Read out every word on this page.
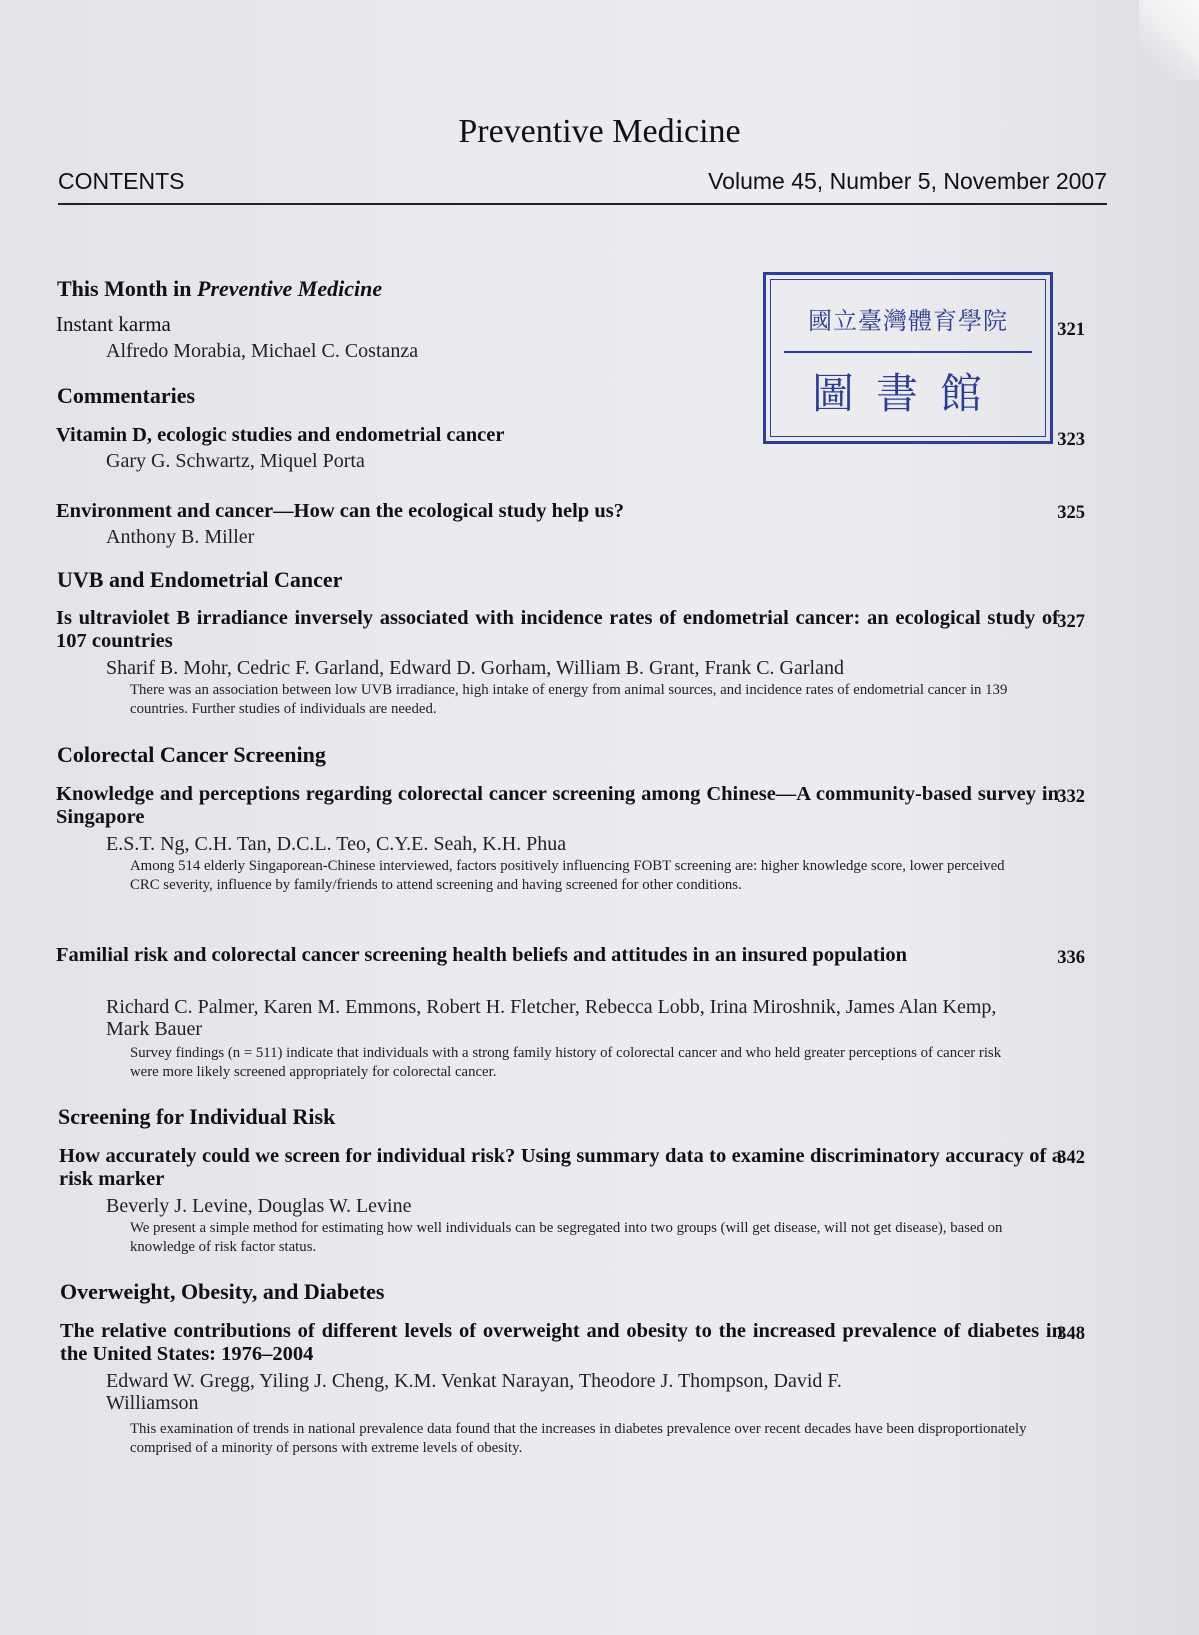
Preventive Medicine
CONTENTS	Volume 45, Number 5, November 2007
國立臺灣體育學院
圖書館
This Month in Preventive Medicine
Instant karma
Alfredo Morabia, Michael C. Costanza
321
Commentaries
Vitamin D, ecologic studies and endometrial cancer
Gary G. Schwartz, Miquel Porta
323
Environment and cancer—How can the ecological study help us?
Anthony B. Miller
325
UVB and Endometrial Cancer
Is ultraviolet B irradiance inversely associated with incidence rates of endometrial cancer: an ecological study of 107 countries
Sharif B. Mohr, Cedric F. Garland, Edward D. Gorham, William B. Grant, Frank C. Garland
There was an association between low UVB irradiance, high intake of energy from animal sources, and incidence rates of endometrial cancer in 139 countries. Further studies of individuals are needed.
327
Colorectal Cancer Screening
Knowledge and perceptions regarding colorectal cancer screening among Chinese—A community-based survey in Singapore
E.S.T. Ng, C.H. Tan, D.C.L. Teo, C.Y.E. Seah, K.H. Phua
Among 514 elderly Singaporean-Chinese interviewed, factors positively influencing FOBT screening are: higher knowledge score, lower perceived CRC severity, influence by family/friends to attend screening and having screened for other conditions.
332
Familial risk and colorectal cancer screening health beliefs and attitudes in an insured population
Richard C. Palmer, Karen M. Emmons, Robert H. Fletcher, Rebecca Lobb, Irina Miroshnik, James Alan Kemp, Mark Bauer
Survey findings (n = 511) indicate that individuals with a strong family history of colorectal cancer and who held greater perceptions of cancer risk were more likely screened appropriately for colorectal cancer.
336
Screening for Individual Risk
How accurately could we screen for individual risk? Using summary data to examine discriminatory accuracy of a risk marker
Beverly J. Levine, Douglas W. Levine
We present a simple method for estimating how well individuals can be segregated into two groups (will get disease, will not get disease), based on knowledge of risk factor status.
342
Overweight, Obesity, and Diabetes
The relative contributions of different levels of overweight and obesity to the increased prevalence of diabetes in the United States: 1976–2004
Edward W. Gregg, Yiling J. Cheng, K.M. Venkat Narayan, Theodore J. Thompson, David F. Williamson
This examination of trends in national prevalence data found that the increases in diabetes prevalence over recent decades have been disproportionately comprised of a minority of persons with extreme levels of obesity.
348
